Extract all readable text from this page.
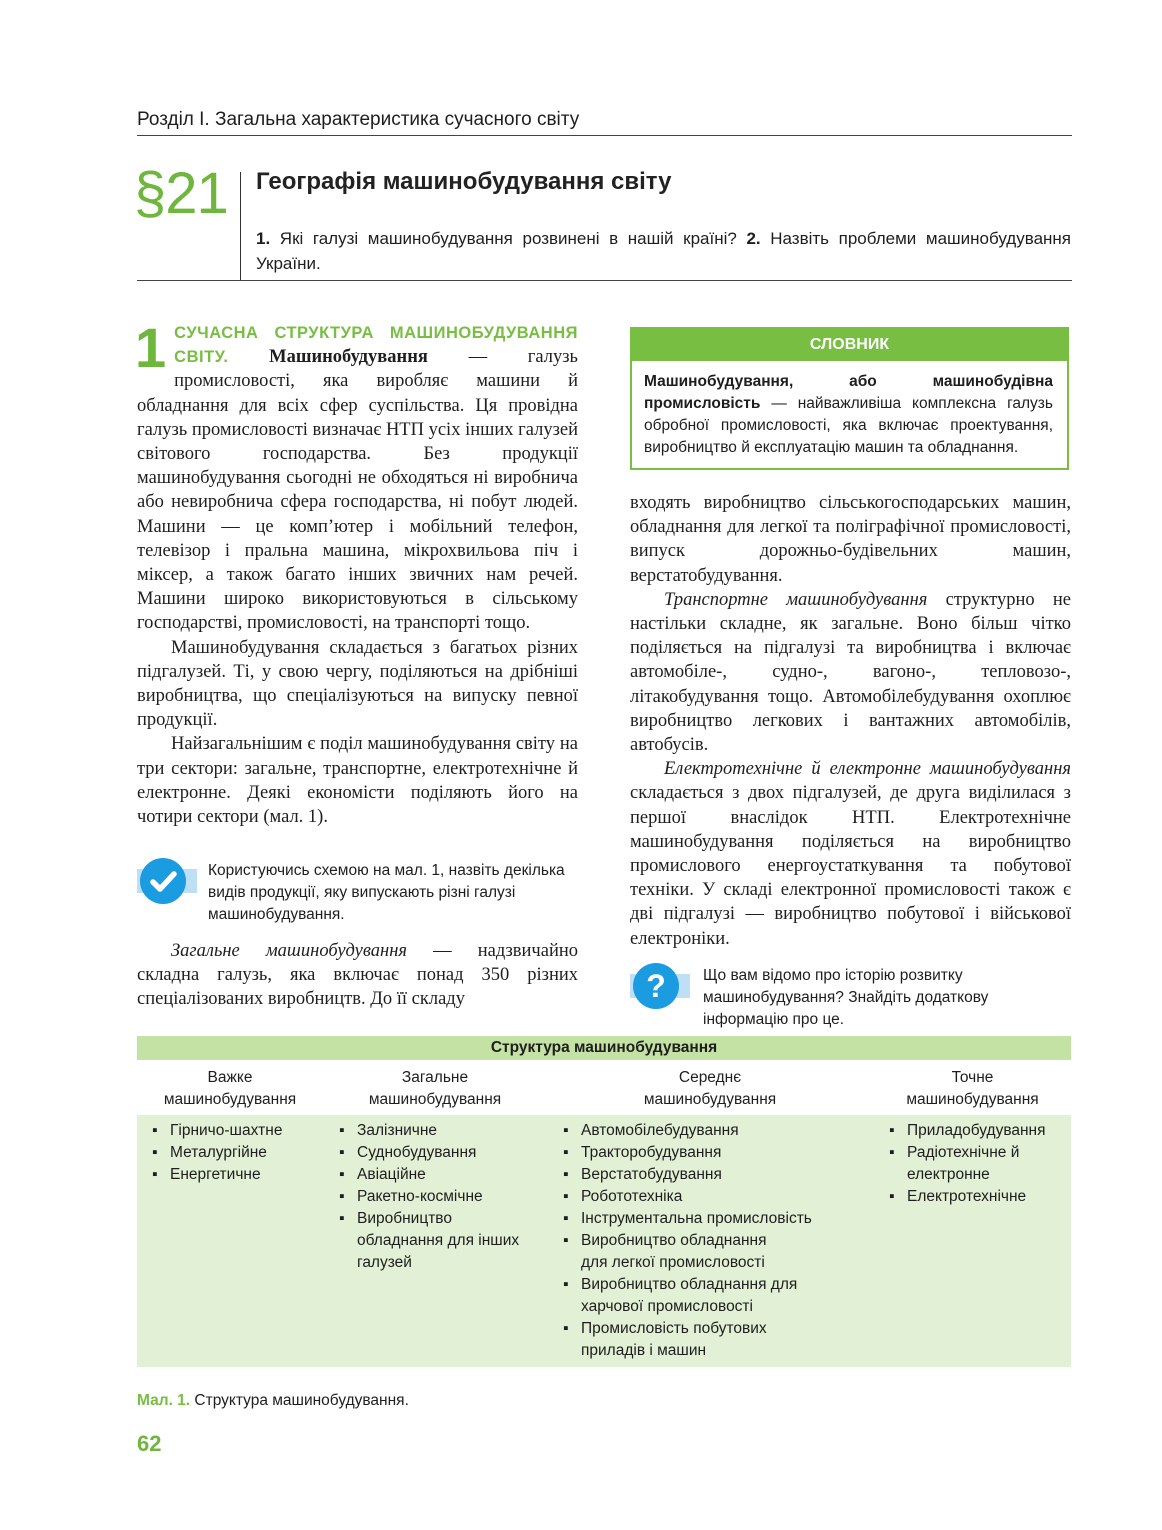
Розділ І. Загальна характеристика сучасного світу
§21 Географія машинобудування світу
1. Які галузі машинобудування розвинені в нашій країні? 2. Назвіть проблеми машинобудування України.

1 СУЧАСНА СТРУКТУРА МАШИНОБУДУВАННЯ СВІТУ. Машинобудування — галузь промисловості, яка виробляє машини й обладнання для всіх сфер суспільства. Ця провідна галузь промисловості визначає НТП усіх інших галузей світового господарства. Без продукції машинобудування сьогодні не обходяться ні виробнича або невиробнича сфера господарства, ні побут людей. Машини — це комп’ютер і мобільний телефон, телевізор і пральна машина, мікрохвильова піч і міксер, а також багато інших звичних нам речей. Машини широко використовуються в сільському господарстві, промисловості, на транспорті тощо.

Машинобудування складається з багатьох різних підгалузей. Ті, у свою чергу, поділяються на дрібніші виробництва, що спеціалізуються на випуску певної продукції.

Найзагальнішим є поділ машинобудування світу на три сектори: загальне, транспортне, електротехнічне й електронне. Деякі економісти поділяють його на чотири сектори (мал. 1).

Користуючись схемою на мал. 1, назвіть декілька видів продукції, яку випускають різні галузі машинобудування.

Загальне машинобудування — надзвичайно складна галузь, яка включає понад 350 різних спеціалізованих виробництв. До її складу

СЛОВНИК
Машинобудування, або машинобудівна промисловість — найважливіша комплексна галузь обробної промисловості, яка включає проектування, виробництво й експлуатацію машин та обладнання.

входять виробництво сільськогосподарських машин, обладнання для легкої та поліграфічної промисловості, випуск дорожньо-будівельних машин, верстатобудування.

Транспортне машинобудування структурно не настільки складне, як загальне. Воно більш чітко поділяється на підгалузі та виробництва і включає автомобіле-, судно-, вагоно-, тепловозо-, літакобудування тощо. Автомобілебудування охоплює виробництво легкових і вантажних автомобілів, автобусів.

Електротехнічне й електронне машинобудування складається з двох підгалузей, де друга виділилася з першої внаслідок НТП. Електротехнічне машинобудування поділяється на виробництво промислового енергоустаткування та побутової техніки. У складі електронної промисловості також є дві підгалузі — виробництво побутової і військової електроніки.

? Що вам відомо про історію розвитку машинобудування? Знайдіть додаткову інформацію про це.
Структура машинобудування
Важке
машинобудування
Загальне
машинобудування
Середнє
машинобудування
Точне
машинобудування
▪ Гірничо-шахтне
▪ Металургійне
▪ Енергетичне
▪ Залізничне
▪ Суднобудування
▪ Авіаційне
▪ Ракетно-космічне
▪ Виробництво обладнання для інших галузей
▪ Автомобілебудування
▪ Тракторобудування
▪ Верстатобудування
▪ Робототехніка
▪ Інструментальна промисловість
▪ Виробництво обладнання для легкої промисловості
▪ Виробництво обладнання для харчової промисловості
▪ Промисловість побутових приладів і машин
▪ Приладобудування
▪ Радіотехнічне й електронне
▪ Електротехнічне
Мал. 1. Структура машинобудування.
62
